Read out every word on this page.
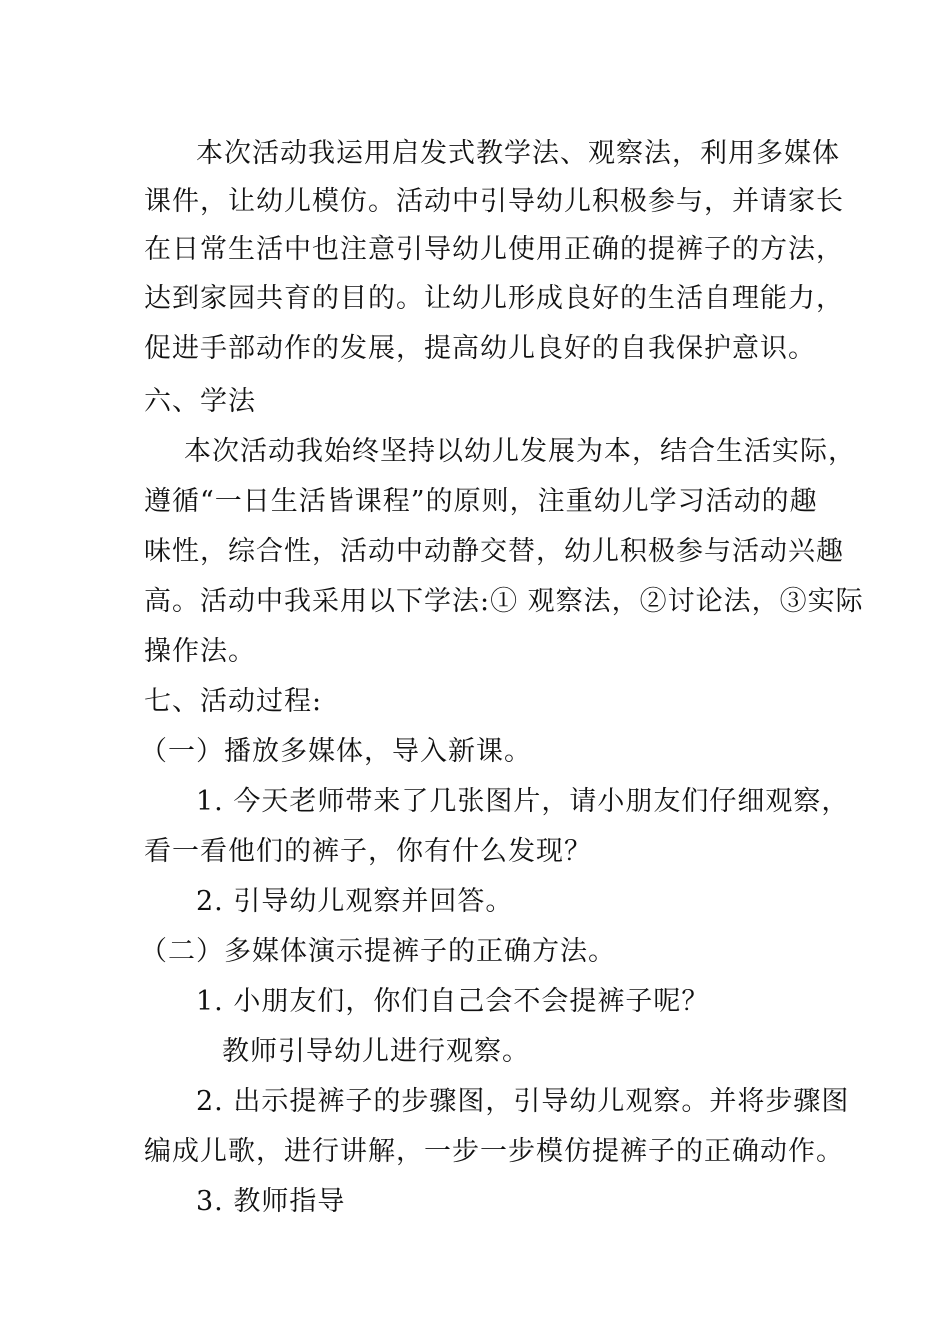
本次活动我运用启发式教学法、观察法，利用多媒体
课件，让幼儿模仿。活动中引导幼儿积极参与，并请家长
在日常生活中也注意引导幼儿使用正确的提裤子的方法，
达到家园共育的目的。让幼儿形成良好的生活自理能力，
促进手部动作的发展，提高幼儿良好的自我保护意识。
六、学法
本次活动我始终坚持以幼儿发展为本，结合生活实际，
遵循“一日生活皆课程”的原则，注重幼儿学习活动的趣
味性，综合性，活动中动静交替，幼儿积极参与活动兴趣
高。活动中我采用以下学法:① 观察法，②讨论法，③实际
操作法。
七、活动过程:
（一）播放多媒体，导入新课。
1. 今天老师带来了几张图片，请小朋友们仔细观察，
看一看他们的裤子，你有什么发现？
2. 引导幼儿观察并回答。
（二）多媒体演示提裤子的正确方法。
1. 小朋友们，你们自己会不会提裤子呢？
教师引导幼儿进行观察。
2. 出示提裤子的步骤图，引导幼儿观察。并将步骤图
编成儿歌，进行讲解，一步一步模仿提裤子的正确动作。
3. 教师指导
